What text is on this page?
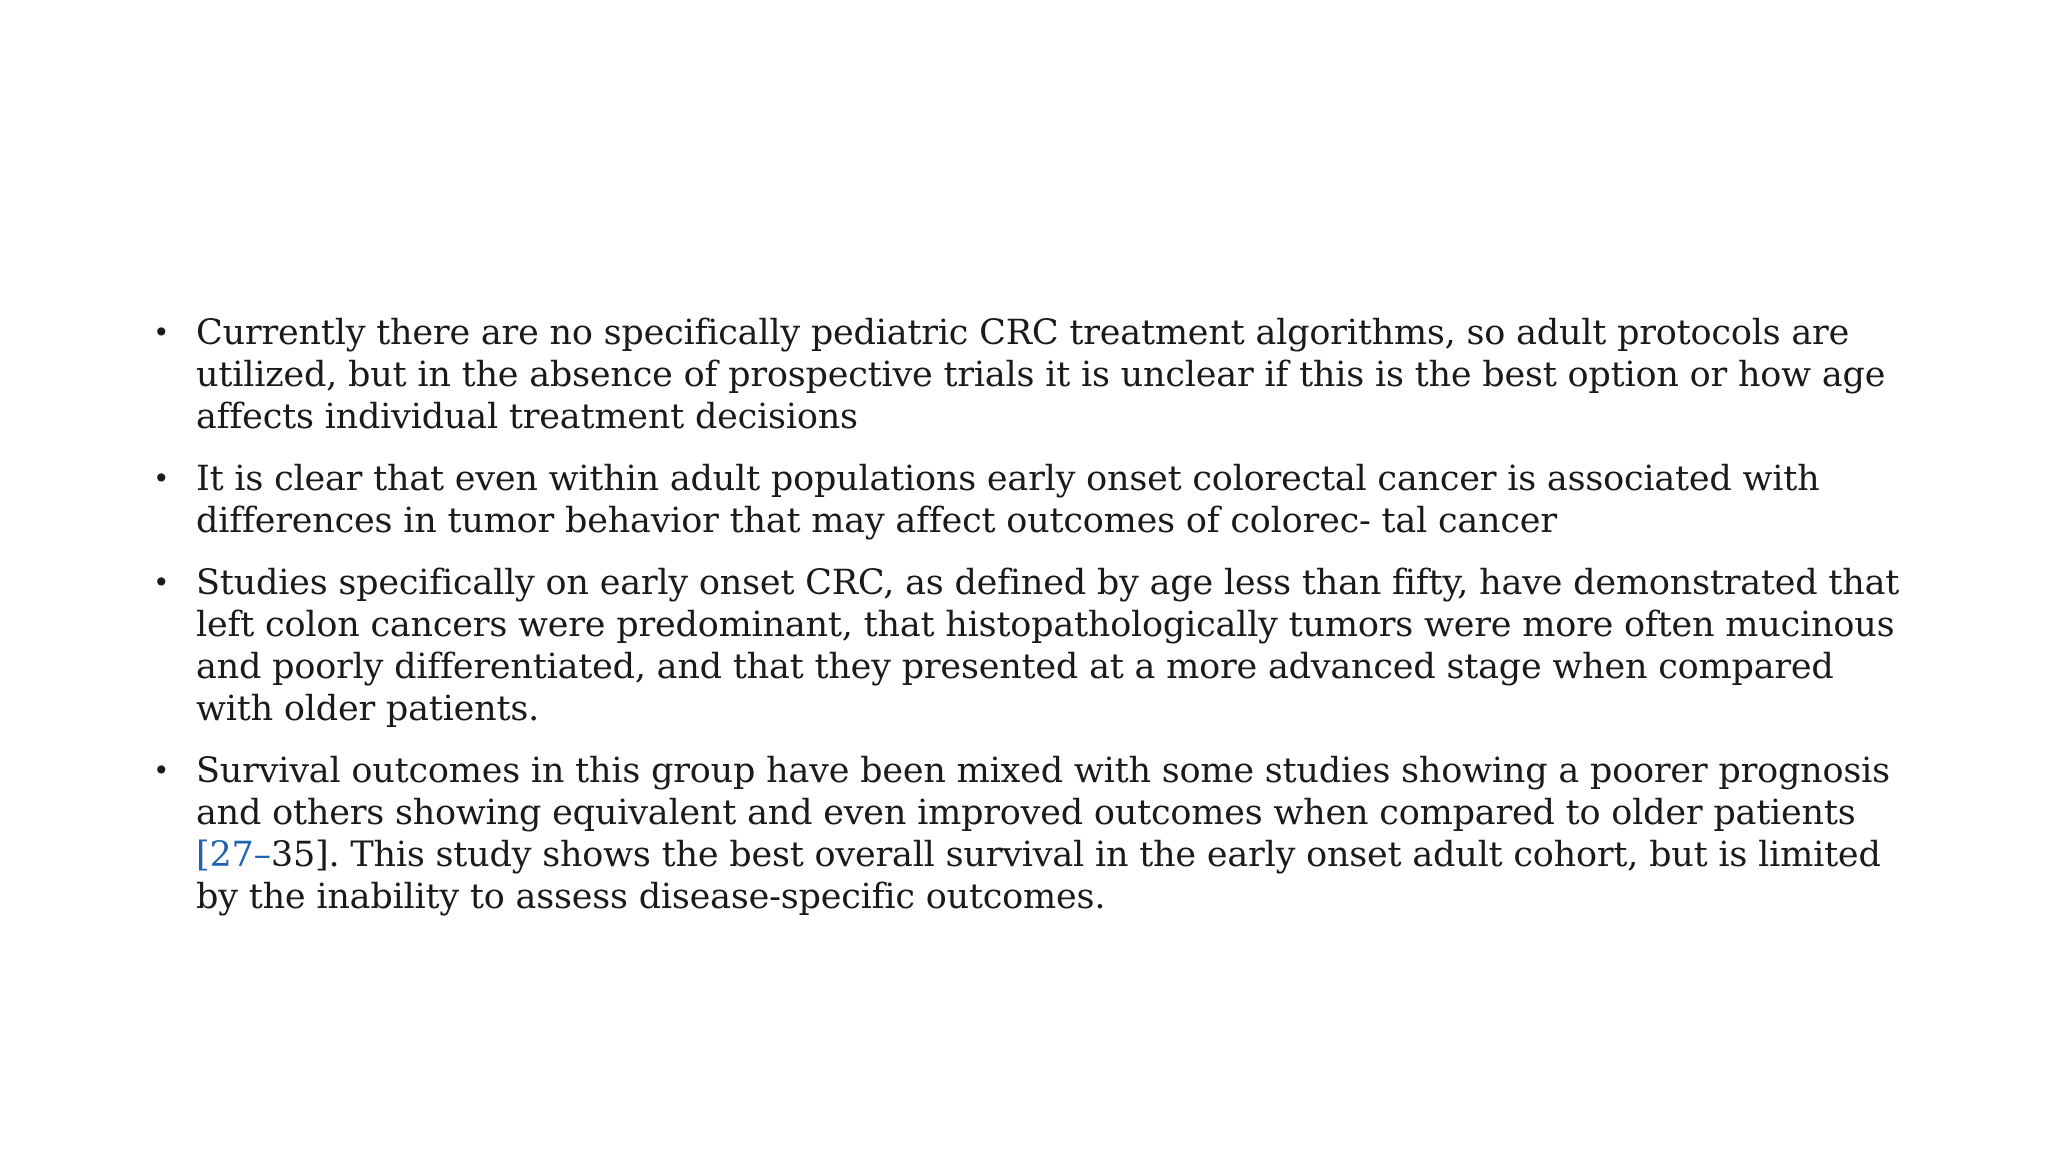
• Currently there are no specifically pediatric CRC treatment algorithms, so adult protocols are utilized, but in the absence of prospective trials it is unclear if this is the best option or how age affects individual treatment decisions
• It is clear that even within adult populations early onset colorectal cancer is associated with differences in tumor behavior that may affect outcomes of colorec- tal cancer
• Studies specifically on early onset CRC, as defined by age less than fifty, have demonstrated that left colon cancers were predominant, that histopathologically tumors were more often mucinous and poorly differentiated, and that they presented at a more advanced stage when compared with older patients.
• Survival outcomes in this group have been mixed with some studies showing a poorer prognosis and others showing equivalent and even improved outcomes when compared to older patients [27–35]. This study shows the best overall survival in the early onset adult cohort, but is limited by the inability to assess disease-specific outcomes.
